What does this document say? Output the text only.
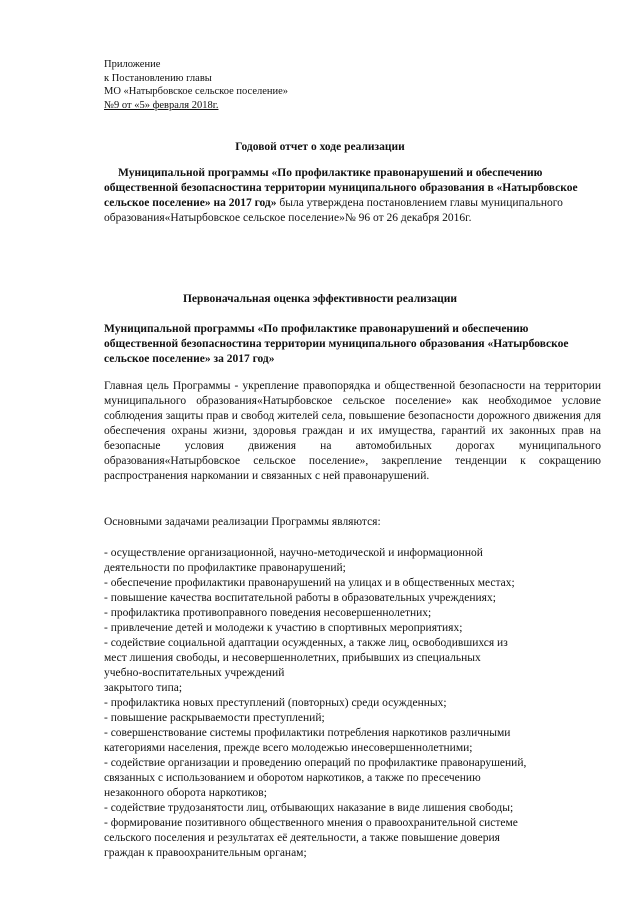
Приложение
к Постановлению главы
МО «Натырбовское сельское поселение»
№9 от «5» февраля 2018г.
Годовой отчет о ходе реализации
Муниципальной программы «По профилактике правонарушений и обеспечению общественной безопасностина территории муниципального образования в «Натырбовское сельское поселение» на 2017 год» была утверждена постановлением главы муниципального образования«Натырбовское сельское поселение»№ 96 от 26 декабря 2016г.
Первоначальная оценка эффективности реализации
Муниципальной программы «По профилактике правонарушений и обеспечению общественной безопасностина территории муниципального образования «Натырбовское сельское поселение» за 2017 год»
Главная цель Программы - укрепление правопорядка и общественной безопасности на территории муниципального образования«Натырбовское сельское поселение» как необходимое условие соблюдения защиты прав и свобод жителей села, повышение безопасности дорожного движения для обеспечения охраны жизни, здоровья граждан и их имущества, гарантий их законных прав на безопасные условия движения на автомобильных дорогах муниципального образования«Натырбовское сельское поселение», закрепление тенденции к сокращению распространения наркомании и связанных с ней правонарушений.
Основными задачами реализации Программы являются:
- осуществление организационной, научно-методической и информационной
деятельности по профилактике правонарушений;
- обеспечение профилактики правонарушений на улицах и в общественных местах;
- повышение качества воспитательной работы в образовательных учреждениях;
- профилактика противоправного поведения несовершеннолетних;
- привлечение детей и молодежи к участию в спортивных мероприятиях;
- содействие социальной адаптации осужденных, а также лиц, освободившихся из
мест лишения свободы, и несовершеннолетних, прибывших из специальных
учебно-воспитательных учреждений
закрытого типа;
- профилактика новых преступлений (повторных) среди осужденных;
- повышение раскрываемости преступлений;
- совершенствование системы профилактики потребления наркотиков различными
категориями населения, прежде всего молодежью инесовершеннолетними;
- содействие организации и проведению операций по профилактике правонарушений,
связанных с использованием и оборотом наркотиков, а также по пресечению
незаконного оборота наркотиков;
- содействие трудозанятости лиц, отбывающих наказание в виде лишения свободы;
- формирование позитивного общественного мнения о правоохранительной системе
сельского поселения и результатах её деятельности, а также повышение доверия
граждан к правоохранительным органам;
